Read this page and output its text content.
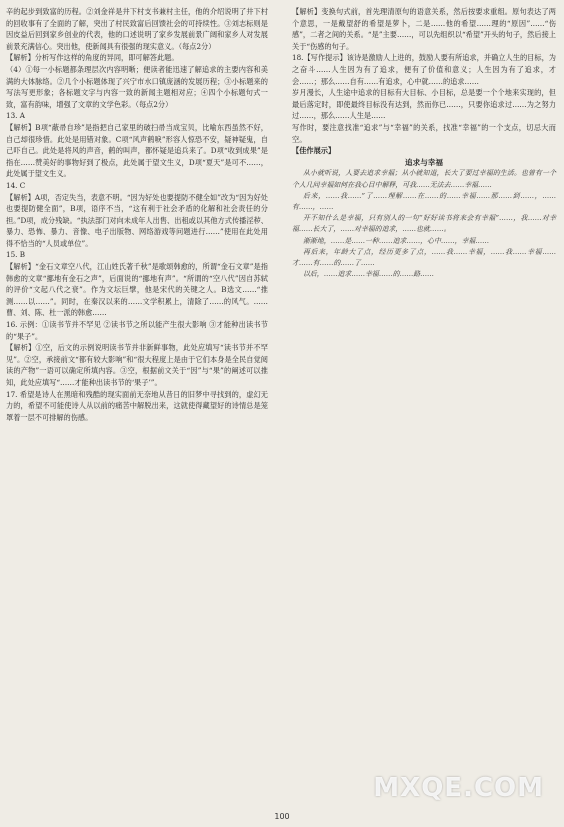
辛的起步到致富的历程。②刘金祥是井下村支书兼村主任，他的介绍说明了井下村的回收事有了全面的了解，突出了村民致富后回馈社会的可持续性。③刘志标则是因皮益后回到家乡创业的代表，他的口述说明了家乡发展前景广阔和家乡人对发展前景充满信心。突出他，使新闻具有很强的现实意义。（每点2分）

【解析】分析写作这样的角度的异同，即可解答此题。

（4）①每一小标题都条理层次内容明晰；便读者能迅速了解追求的主要内容和美满的大体脉络。②几个小标题体现了兴宁市水口镇庞涵的发展历程；③小标题来的写法写更形象；各标题文字与内容一致的新闻主题相对应；④四个小标题句式一致，富有韵味，增强了文章的文学色彩。（每点2分）

13. A

【解析】B项“蔽帚自珍”是指把自己家里的破扫帚当成宝贝，比喻东西虽然不好，自己却很珍惜。此处是用错对象。C项“风声鹤唳”形容人惊恐不安，疑神疑鬼，自己吓自己。此处是将风的声音，鹤的叫声，都怀疑是追兵来了。D项“收到成果”是指在……赞美好的事物好到了极点，此处属于望文生义，D项“夏天”是可不……，此处属于望文生义。

14. C

【解析】A项，否定失当，表意不明。“因为好处也要提防不健全如”改为“因为好处也要提防健全面”，B项，语序不当，“这有利于社会矛盾的化解和社会责任的分担。”D项，成分残缺。“执法部门对向未成年人出售、出租或以其他方式传播淫秽、暴力、恐怖、暴力、音像、电子出版物、网络游戏等问题进行……”使用在此处用得不恰当的“人员或单位”。

15. B

【解析】“金石文章空八代，江山姓氏著千秋”是歌颂韩愈的，所谓“金石文章”是指韩愈的文章“挪地有金石之声”，后面说的“挪地有声”。“所谓的“空八代”因自苏轼的评价“文起八代之衰”。作为文坛巨擘，他是宋代的关键之人。B选文……“推测……以……”。同时，在秦汉以来的……文学积累上，清除了……的风气。……曹、刘、陈、杜一派的韩愈……

16. 示例：①读书节并不罕见 ②读书节之所以能产生很大影响 ③才能种出读书节的“果子”。

【解析】①空，后文的示例说明读书节并非新鲜事物，此处应填写“读书节并不罕见”。②空，承接前文“都有较大影响”和“很大程度上是由于它们本身是全民自觉阅读的产物”一语可以确定所填内容。③空，根据前文关于“因”与“果”的阐述可以推知，此处应填写“……才能种出读书节的‘果子’”。

17. 希望是诗人在黑暗和残酷的现实面前无奈地从昔日的旧梦中寻找到的，虚幻无力的，希望不可能使诗人从以前的痛苦中解脱出来，这就使得藏望好的诗情总是笼罩着一层不可排解的伤感。

【解析】变换句式前，首先理清原句的语意关系，然后按要求重组。原句表达了两个意思，一是戴望舒的希望是萝卜，二是……他的希望……理的“原因”……“伤感”，二者之间的关系。“是”主要……，可以先组织以“希望”开头的句子，然后接上关于“伤感的句子。

18.【写作提示】该诗是激励人上进的，鼓励人要有所追求，并确立人生的目标，为之奋斗……人生因为有了追求，便有了价值和意义；人生因为有了追求，才会……；那么……自有……有追求，心中就……的追求……

岁月漫长，人生途中追求的目标有大目标、小目标，总是要一个个地来实现的，但最后落定时，即使最终目标没有达到，然而你已……，只要你追求过……为之努力过……，那么……人生是……

写作时，要注意找准“追求”与“幸福”的关系，找准“幸福”的一个支点，切忌大而空。

【佳作展示】

追求与幸福

从小就听说，人要去追求幸福；从小就知道，长大了要过幸福的生活。也曾有一个个人几问幸福如何在我心目中解释，可我……无法去……幸福……

后来，……我……”了……理解……在……的……幸福……那……到……，……有……，……

开不知什么是幸福，只有别人的一句“好好读书将来会有幸福”……，我……对幸福……长大了，……对幸福的追求，……也就……。

渐渐地，……是……一种……追求……，心中……，幸福……

再后来，年龄大了点，经历更多了点，……我……幸福，……我……幸福……才……有……的……了……

以后，……追求……幸福……的……路……

100
MXQE.COM
